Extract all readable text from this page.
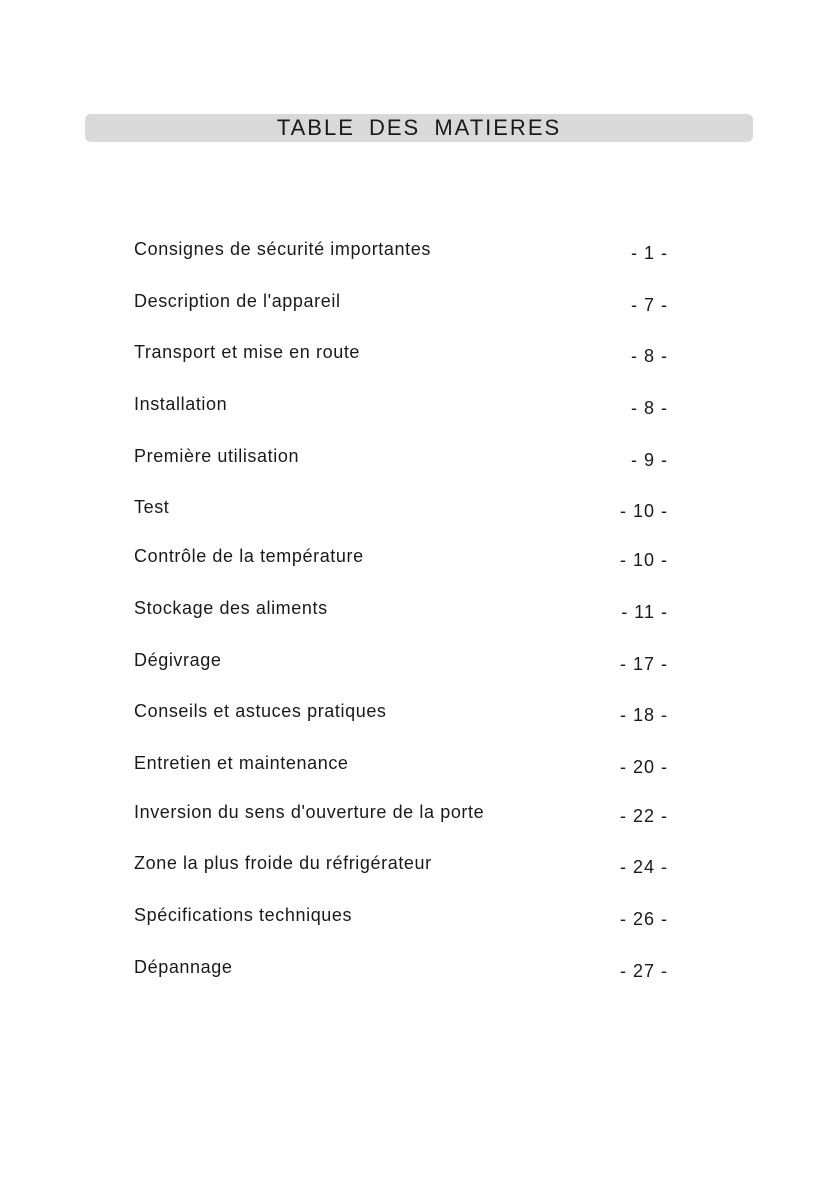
TABLE DES MATIERES
Consignes de sécurité importantes	- 1 -
Description de l'appareil	- 7 -
Transport et mise en route	- 8 -
Installation	- 8 -
Première utilisation	- 9 -
Test	- 10 -
Contrôle de la température	- 10 -
Stockage des aliments	- 11 -
Dégivrage	- 17 -
Conseils et astuces pratiques	- 18 -
Entretien et maintenance	- 20 -
Inversion du sens d'ouverture de la porte	- 22 -
Zone la plus froide du réfrigérateur	- 24 -
Spécifications techniques	- 26 -
Dépannage	- 27 -
